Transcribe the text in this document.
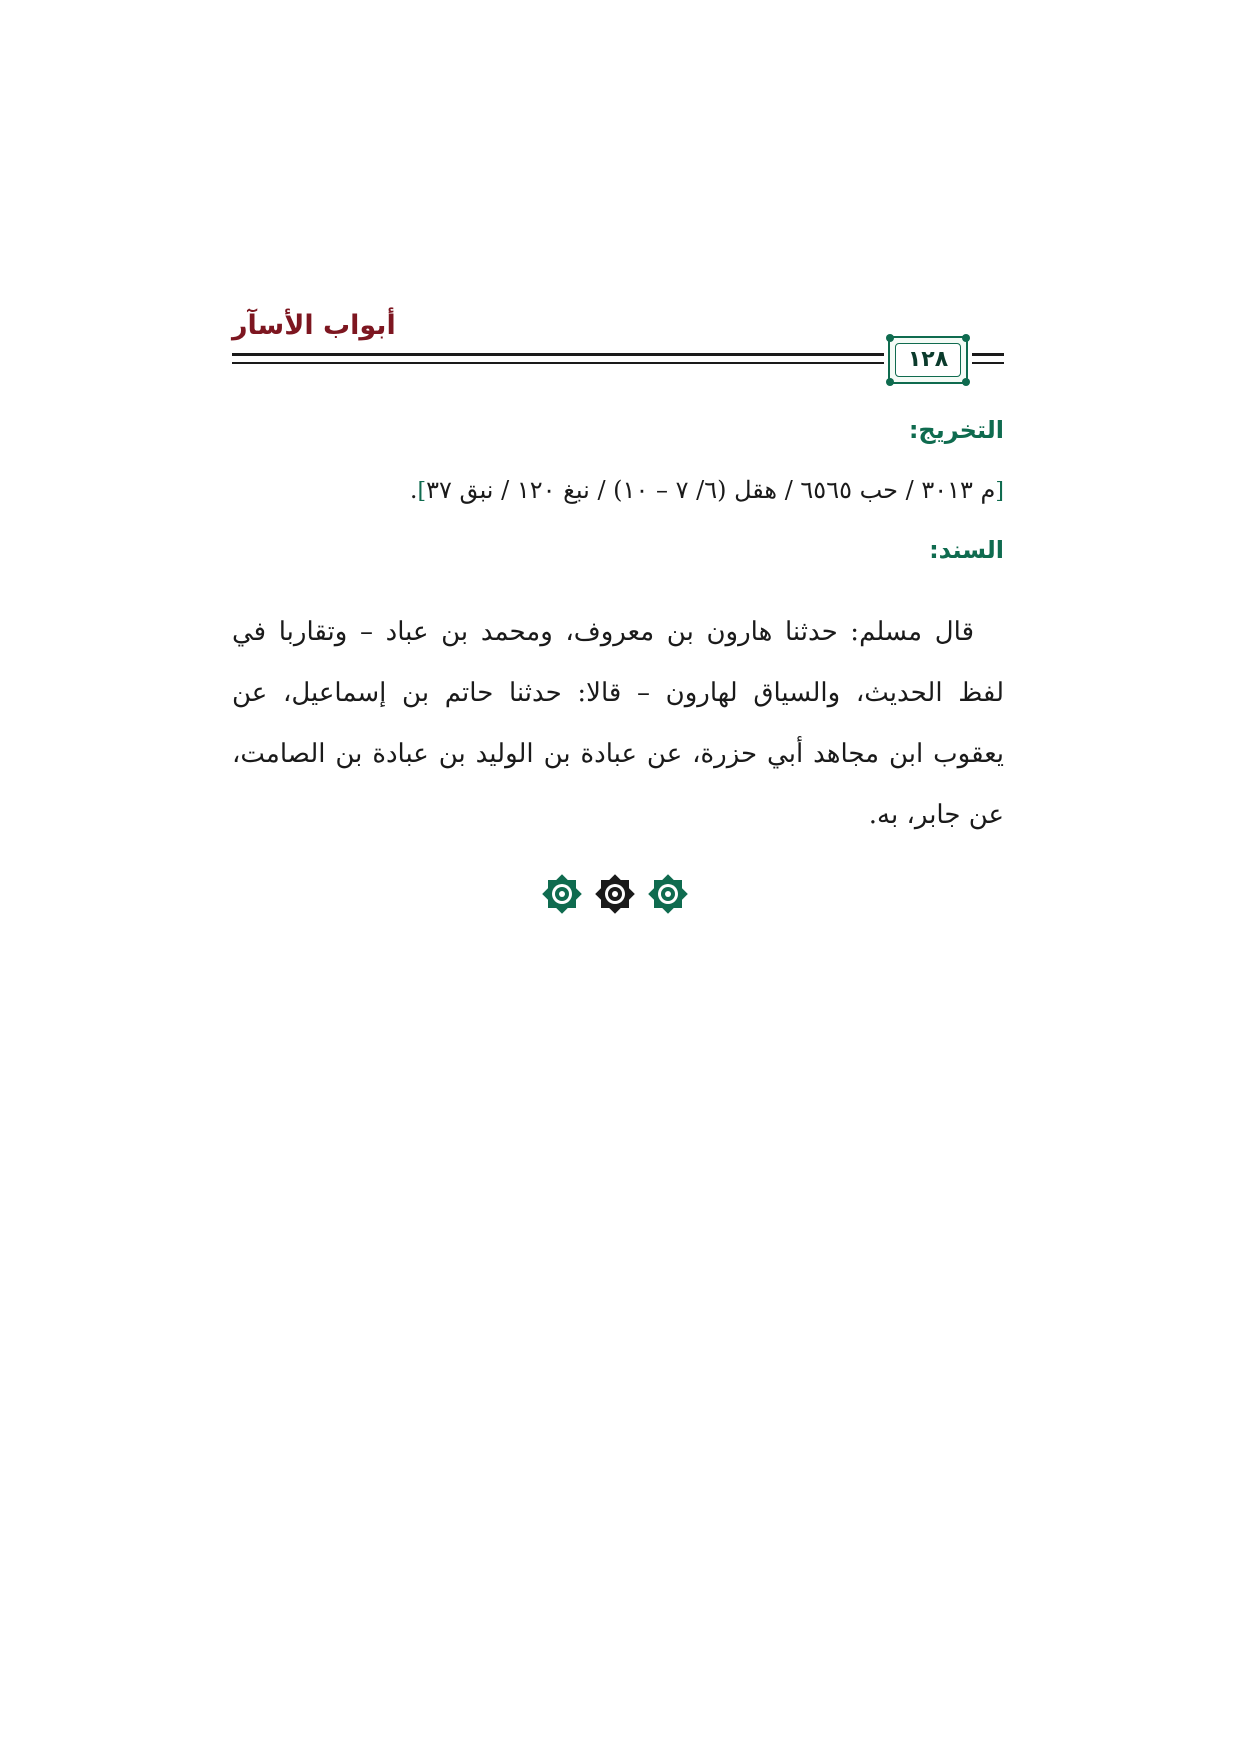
أبواب الأسآر
١٢٨
التخريج:
[م ٣٠١٣ / حب ٦٥٦٥ / هقل (٦/ ٧ – ١٠) / نبغ ١٢٠ / نبق ٣٧].
السند:
قال مسلم: حدثنا هارون بن معروف، ومحمد بن عباد – وتقاربا في لفظ الحديث، والسياق لهارون – قالا: حدثنا حاتم بن إسماعيل، عن يعقوب ابن مجاهد أبي حزرة، عن عبادة بن الوليد بن عبادة بن الصامت، عن جابر، به.
